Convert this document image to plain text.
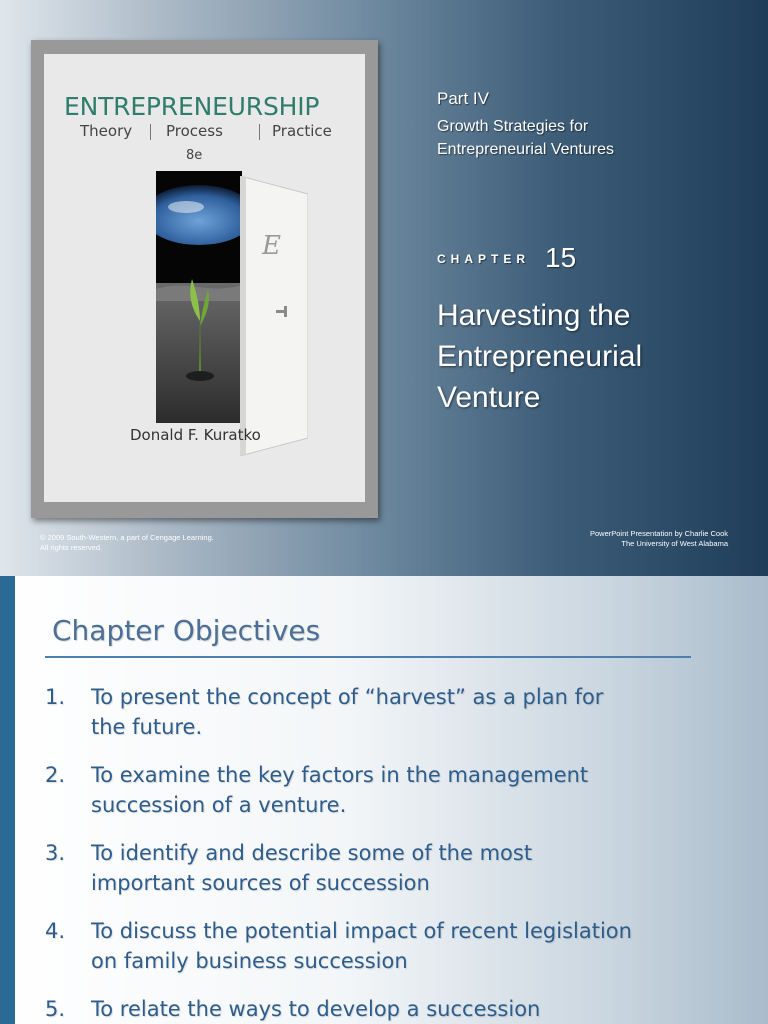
ENTREPRENEURSHIP
Theory Process	Practice
8e
E
Donald F. Kuratko
Part IV
Growth Strategies for
Entrepreneurial Ventures
CHAPTER 15
Harvesting the
Entrepreneurial
Venture
© 2009 South-Western, a part of Cengage Learning.
All rights reserved.
PowerPoint Presentation by Charlie Cook
The University of West Alabama
Chapter Objectives
1. To present the concept of “harvest” as a plan for
the future.
2. To examine the key factors in the management
succession of a venture.
3. To identify and describe some of the most
important sources of succession
4. To discuss the potential impact of recent legislation
on family business succession
5. To relate the ways to develop a succession
